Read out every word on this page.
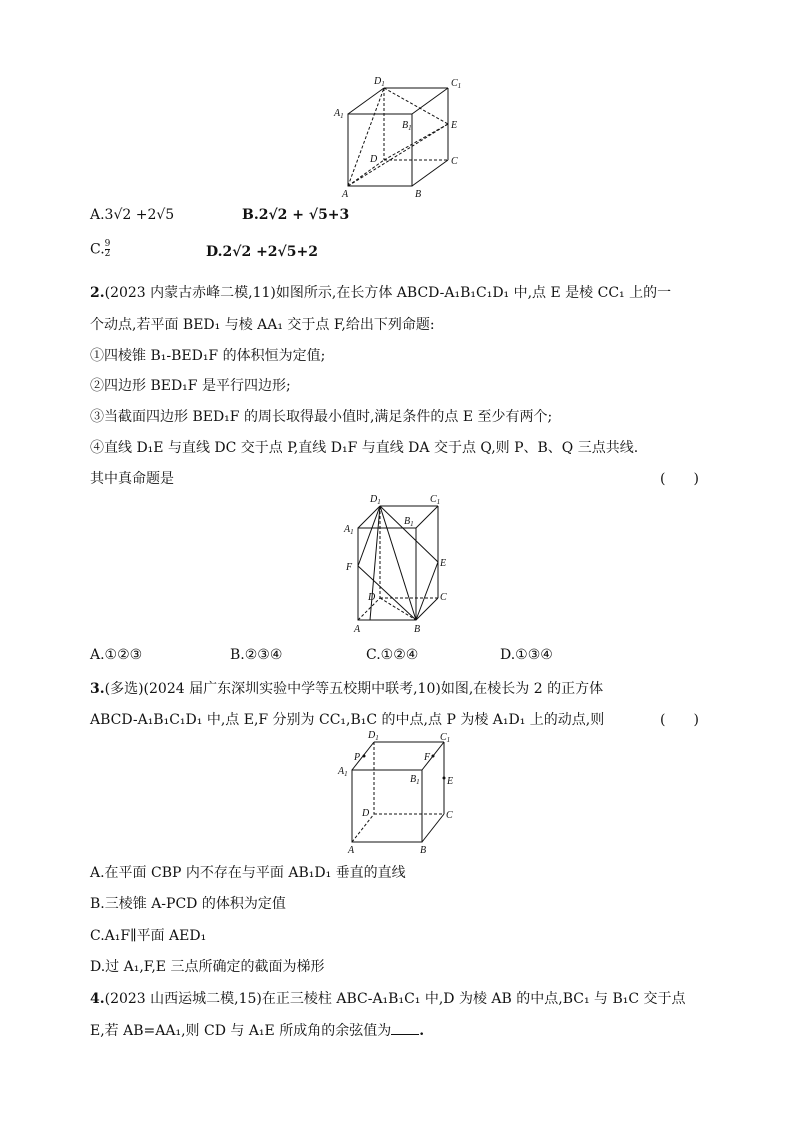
$D_1$	$C_1$
$A_1$
$B_1$	E
D	C
A	B
A.3√2 +2√5	B.2√2 + √5+3
C. $\frac{9}{2}$	D.2√2 +2√5+2
2.(2023 内蒙古赤峰二模,11)如图所示,在长方体 ABCD-A₁B₁C₁D₁ 中,点 E 是棱 CC₁ 上的一
个动点,若平面 BED₁ 与棱 AA₁ 交于点 F,给出下列命题:
①四棱锥 B₁-BED₁F 的体积恒为定值;
②四边形 BED₁F 是平行四边形;
③当截面四边形 BED₁F 的周长取得最小值时,满足条件的点 E 至少有两个;
④直线 D₁E 与直线 DC 交于点 P,直线 D₁F 与直线 DA 交于点 Q,则 P、B、Q 三点共线.
其中真命题是	(　　)
$D_1$	$C_1$
$A_1$
$B_1$
F	E
D	C
A	B
A.①②③	B.②③④	C.①②④	D.①③④
3.(多选)(2024 届广东深圳实验中学等五校期中联考,10)如图,在棱长为 2 的正方体
ABCD-A₁B₁C₁D₁ 中,点 E,F 分别为 CC₁,B₁C 的中点,点 P 为棱 A₁D₁ 上的动点,则	(　　)
$D_1$	$C_1$
P	F
$A_1$	$B_1$	E
D	C
A	B
A.在平面 CBP 内不存在与平面 AB₁D₁ 垂直的直线
B.三棱锥 A-PCD 的体积为定值
C.A₁F∥平面 AED₁
D.过 A₁,F,E 三点所确定的截面为梯形
4.(2023 山西运城二模,15)在正三棱柱 ABC-A₁B₁C₁ 中,D 为棱 AB 的中点,BC₁ 与 B₁C 交于点
E,若 AB=AA₁,则 CD 与 A₁E 所成角的余弦值为 .
